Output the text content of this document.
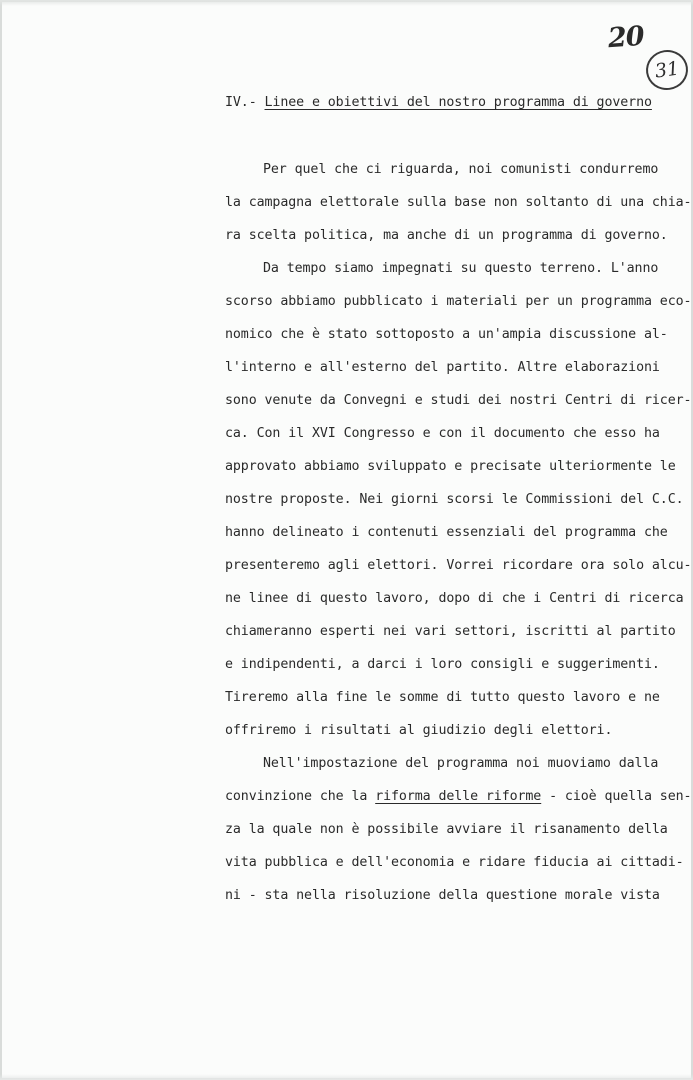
20
31

IV.- Linee e obiettivi del nostro programma di governo

Per quel che ci riguarda, noi comunisti condurremo
la campagna elettorale sulla base non soltanto di una chia-
ra scelta politica, ma anche di un programma di governo.
Da tempo siamo impegnati su questo terreno. L'anno
scorso abbiamo pubblicato i materiali per un programma eco-
nomico che è stato sottoposto a un'ampia discussione al-
l'interno e all'esterno del partito. Altre elaborazioni
sono venute da Convegni e studi dei nostri Centri di ricer-
ca. Con il XVI Congresso e con il documento che esso ha
approvato abbiamo sviluppato e precisate ulteriormente le
nostre proposte. Nei giorni scorsi le Commissioni del C.C.
hanno delineato i contenuti essenziali del programma che
presenteremo agli elettori. Vorrei ricordare ora solo alcu-
ne linee di questo lavoro, dopo di che i Centri di ricerca
chiameranno esperti nei vari settori, iscritti al partito
e indipendenti, a darci i loro consigli e suggerimenti.
Tireremo alla fine le somme di tutto questo lavoro e ne
offriremo i risultati al giudizio degli elettori.
Nell'impostazione del programma noi muoviamo dalla
convinzione che la riforma delle riforme - cioè quella sen-
za la quale non è possibile avviare il risanamento della
vita pubblica e dell'economia e ridare fiducia ai cittadi-
ni - sta nella risoluzione della questione morale vista
